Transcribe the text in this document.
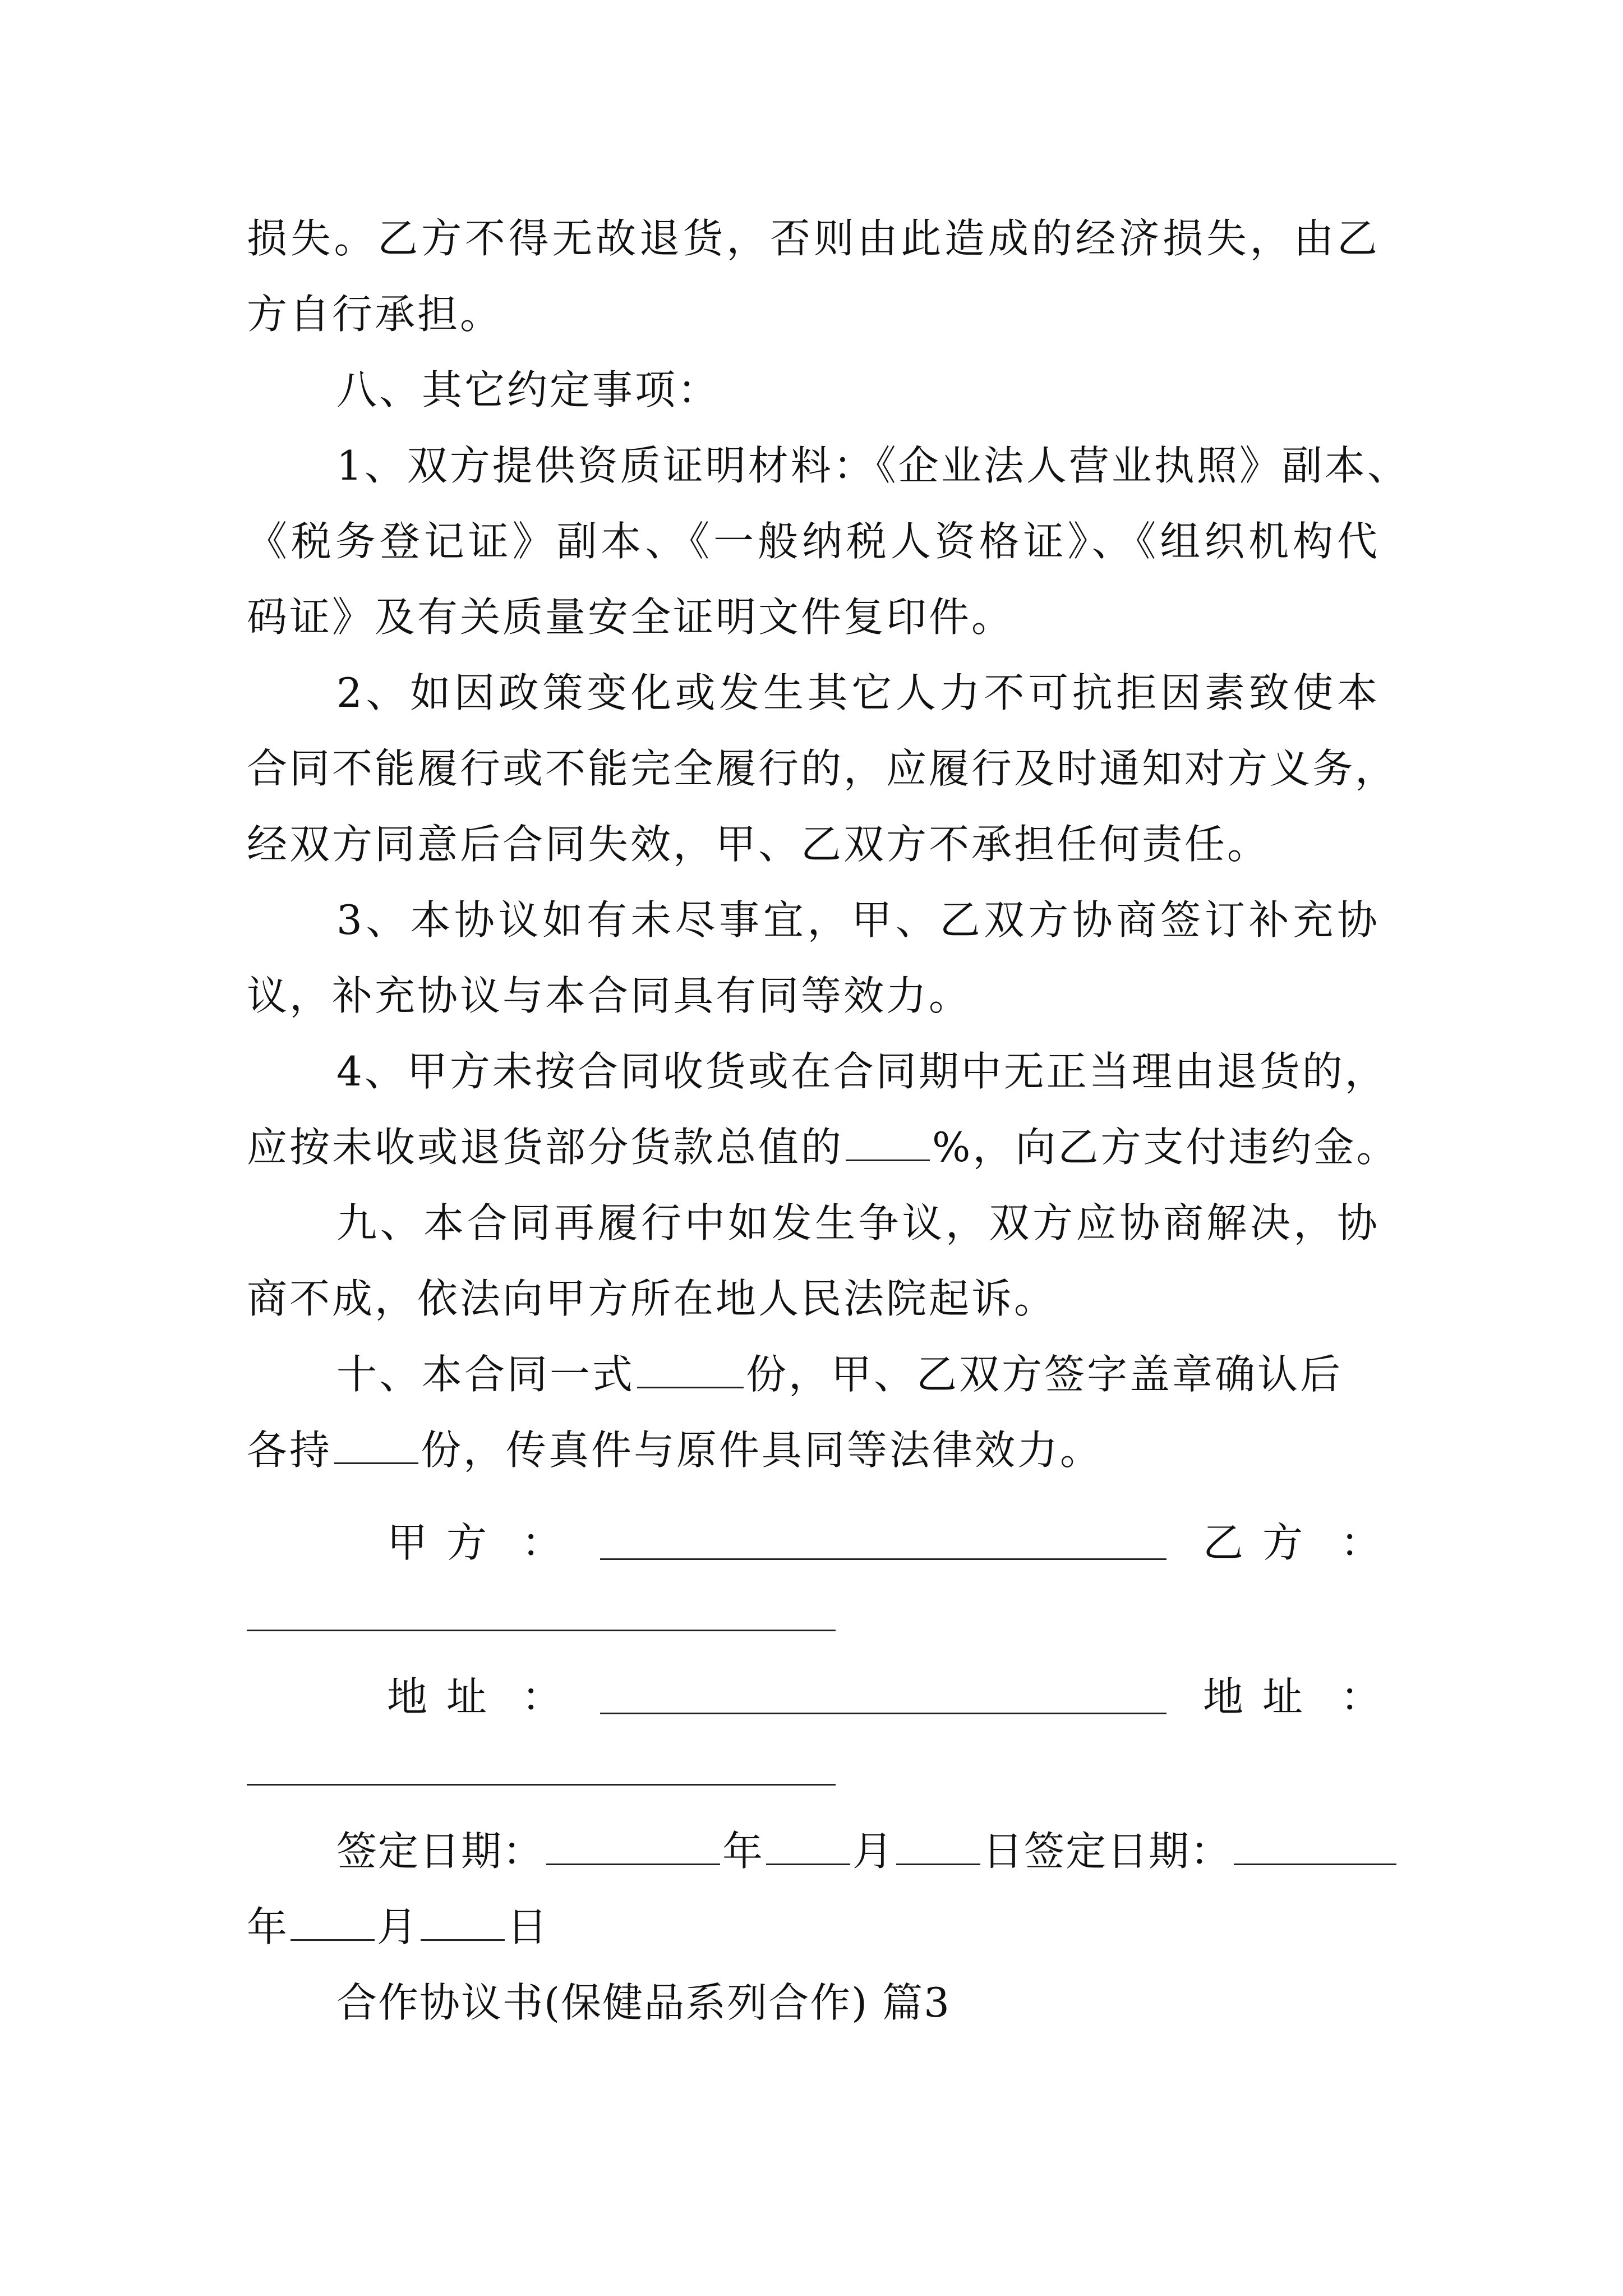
损失。乙方不得无故退货，否则由此造成的经济损失，由乙
方自行承担。
八、其它约定事项：
1、双方提供资质证明材料：《企业法人营业执照》副本、
《税务登记证》副本、《一般纳税人资格证》、《组织机构代
码证》及有关质量安全证明文件复印件。
2、如因政策变化或发生其它人力不可抗拒因素致使本
合同不能履行或不能完全履行的，应履行及时通知对方义务，
经双方同意后合同失效，甲、乙双方不承担任何责任。
3、本协议如有未尽事宜，甲、乙双方协商签订补充协
议，补充协议与本合同具有同等效力。
4、甲方未按合同收货或在合同期中无正当理由退货的，
应按未收或退货部分货款总值的 %，向乙方支付违约金。
九、本合同再履行中如发生争议，双方应协商解决，协
商不成，依法向甲方所在地人民法院起诉。
十、本合同一式	份，甲、乙双方签字盖章确认后
各持 份，传真件与原件具同等法律效力。
甲方 ：	乙方 ：
地址 ：	地址 ：
签定日期：	年 月 日签定日期：
年 月 日
合作协议书(保健品系列合作) 篇3
